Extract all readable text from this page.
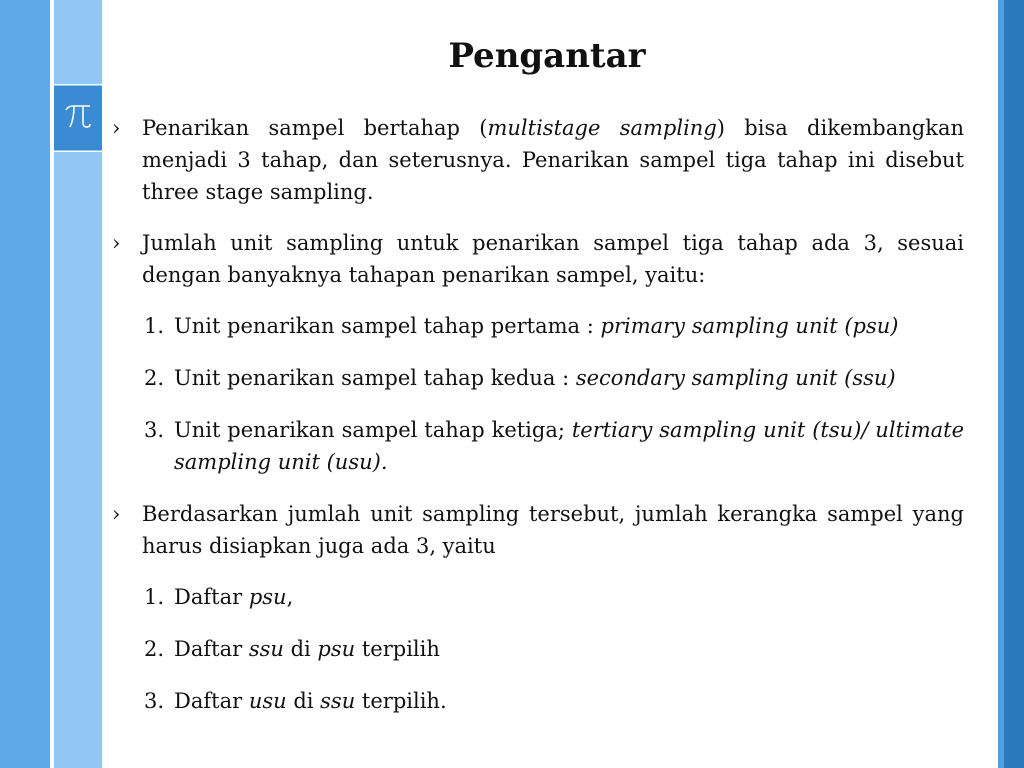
Pengantar

› Penarikan sampel bertahap (multistage sampling) bisa dikembangkan menjadi 3 tahap, dan seterusnya. Penarikan sampel tiga tahap ini disebut three stage sampling.

› Jumlah unit sampling untuk penarikan sampel tiga tahap ada 3, sesuai dengan banyaknya tahapan penarikan sampel, yaitu:

1. Unit penarikan sampel tahap pertama : primary sampling unit (psu)

2. Unit penarikan sampel tahap kedua : secondary sampling unit (ssu)

3. Unit penarikan sampel tahap ketiga; tertiary sampling unit (tsu)/ ultimate sampling unit (usu).

› Berdasarkan jumlah unit sampling tersebut, jumlah kerangka sampel yang harus disiapkan juga ada 3, yaitu

1. Daftar psu,

2. Daftar ssu di psu terpilih

3. Daftar usu di ssu terpilih.
